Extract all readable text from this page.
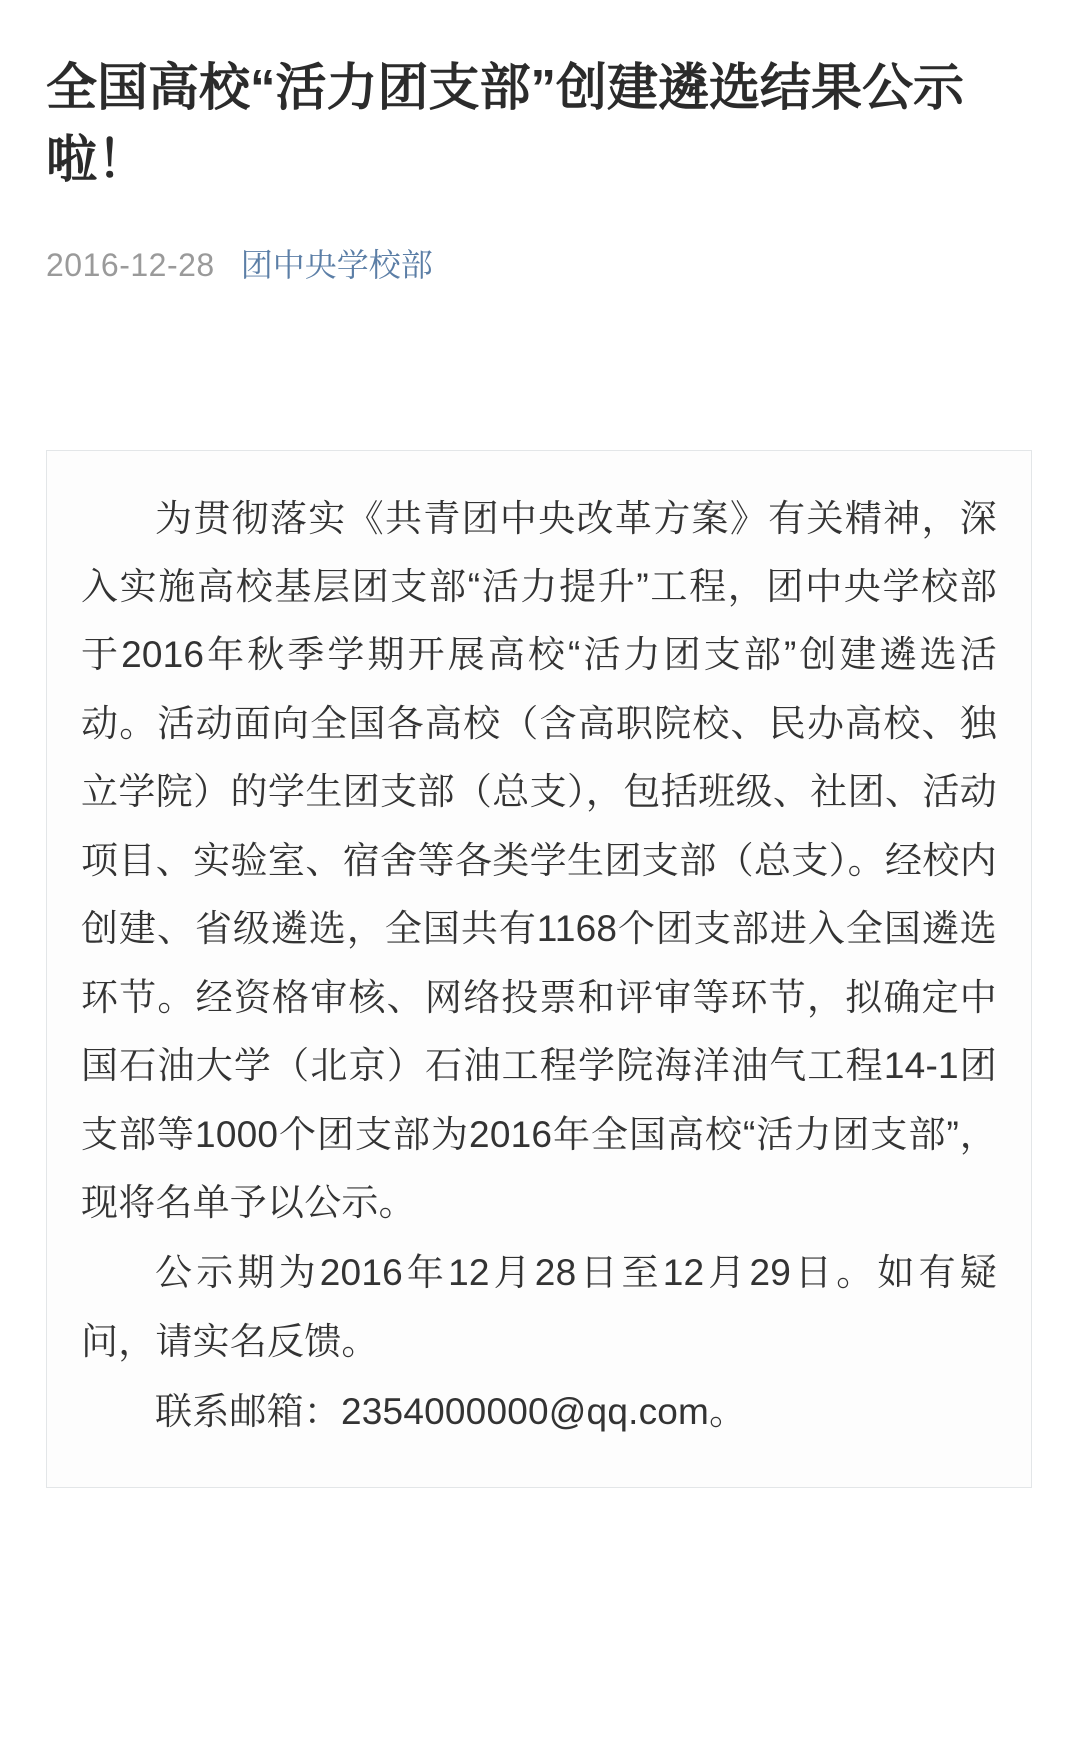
全国高校“活力团支部”创建遴选结果公示啦！
2016-12-28 团中央学校部

为贯彻落实《共青团中央改革方案》有关精神，深入实施高校基层团支部“活力提升”工程，团中央学校部于2016年秋季学期开展高校“活力团支部”创建遴选活动。活动面向全国各高校（含高职院校、民办高校、独立学院）的学生团支部（总支），包括班级、社团、活动项目、实验室、宿舍等各类学生团支部（总支）。经校内创建、省级遴选，全国共有1168个团支部进入全国遴选环节。经资格审核、网络投票和评审等环节，拟确定中国石油大学（北京）石油工程学院海洋油气工程14-1团支部等1000个团支部为2016年全国高校“活力团支部”，现将名单予以公示。

公示期为2016年12月28日至12月29日。如有疑问，请实名反馈。

联系邮箱：2354000000@qq.com。
